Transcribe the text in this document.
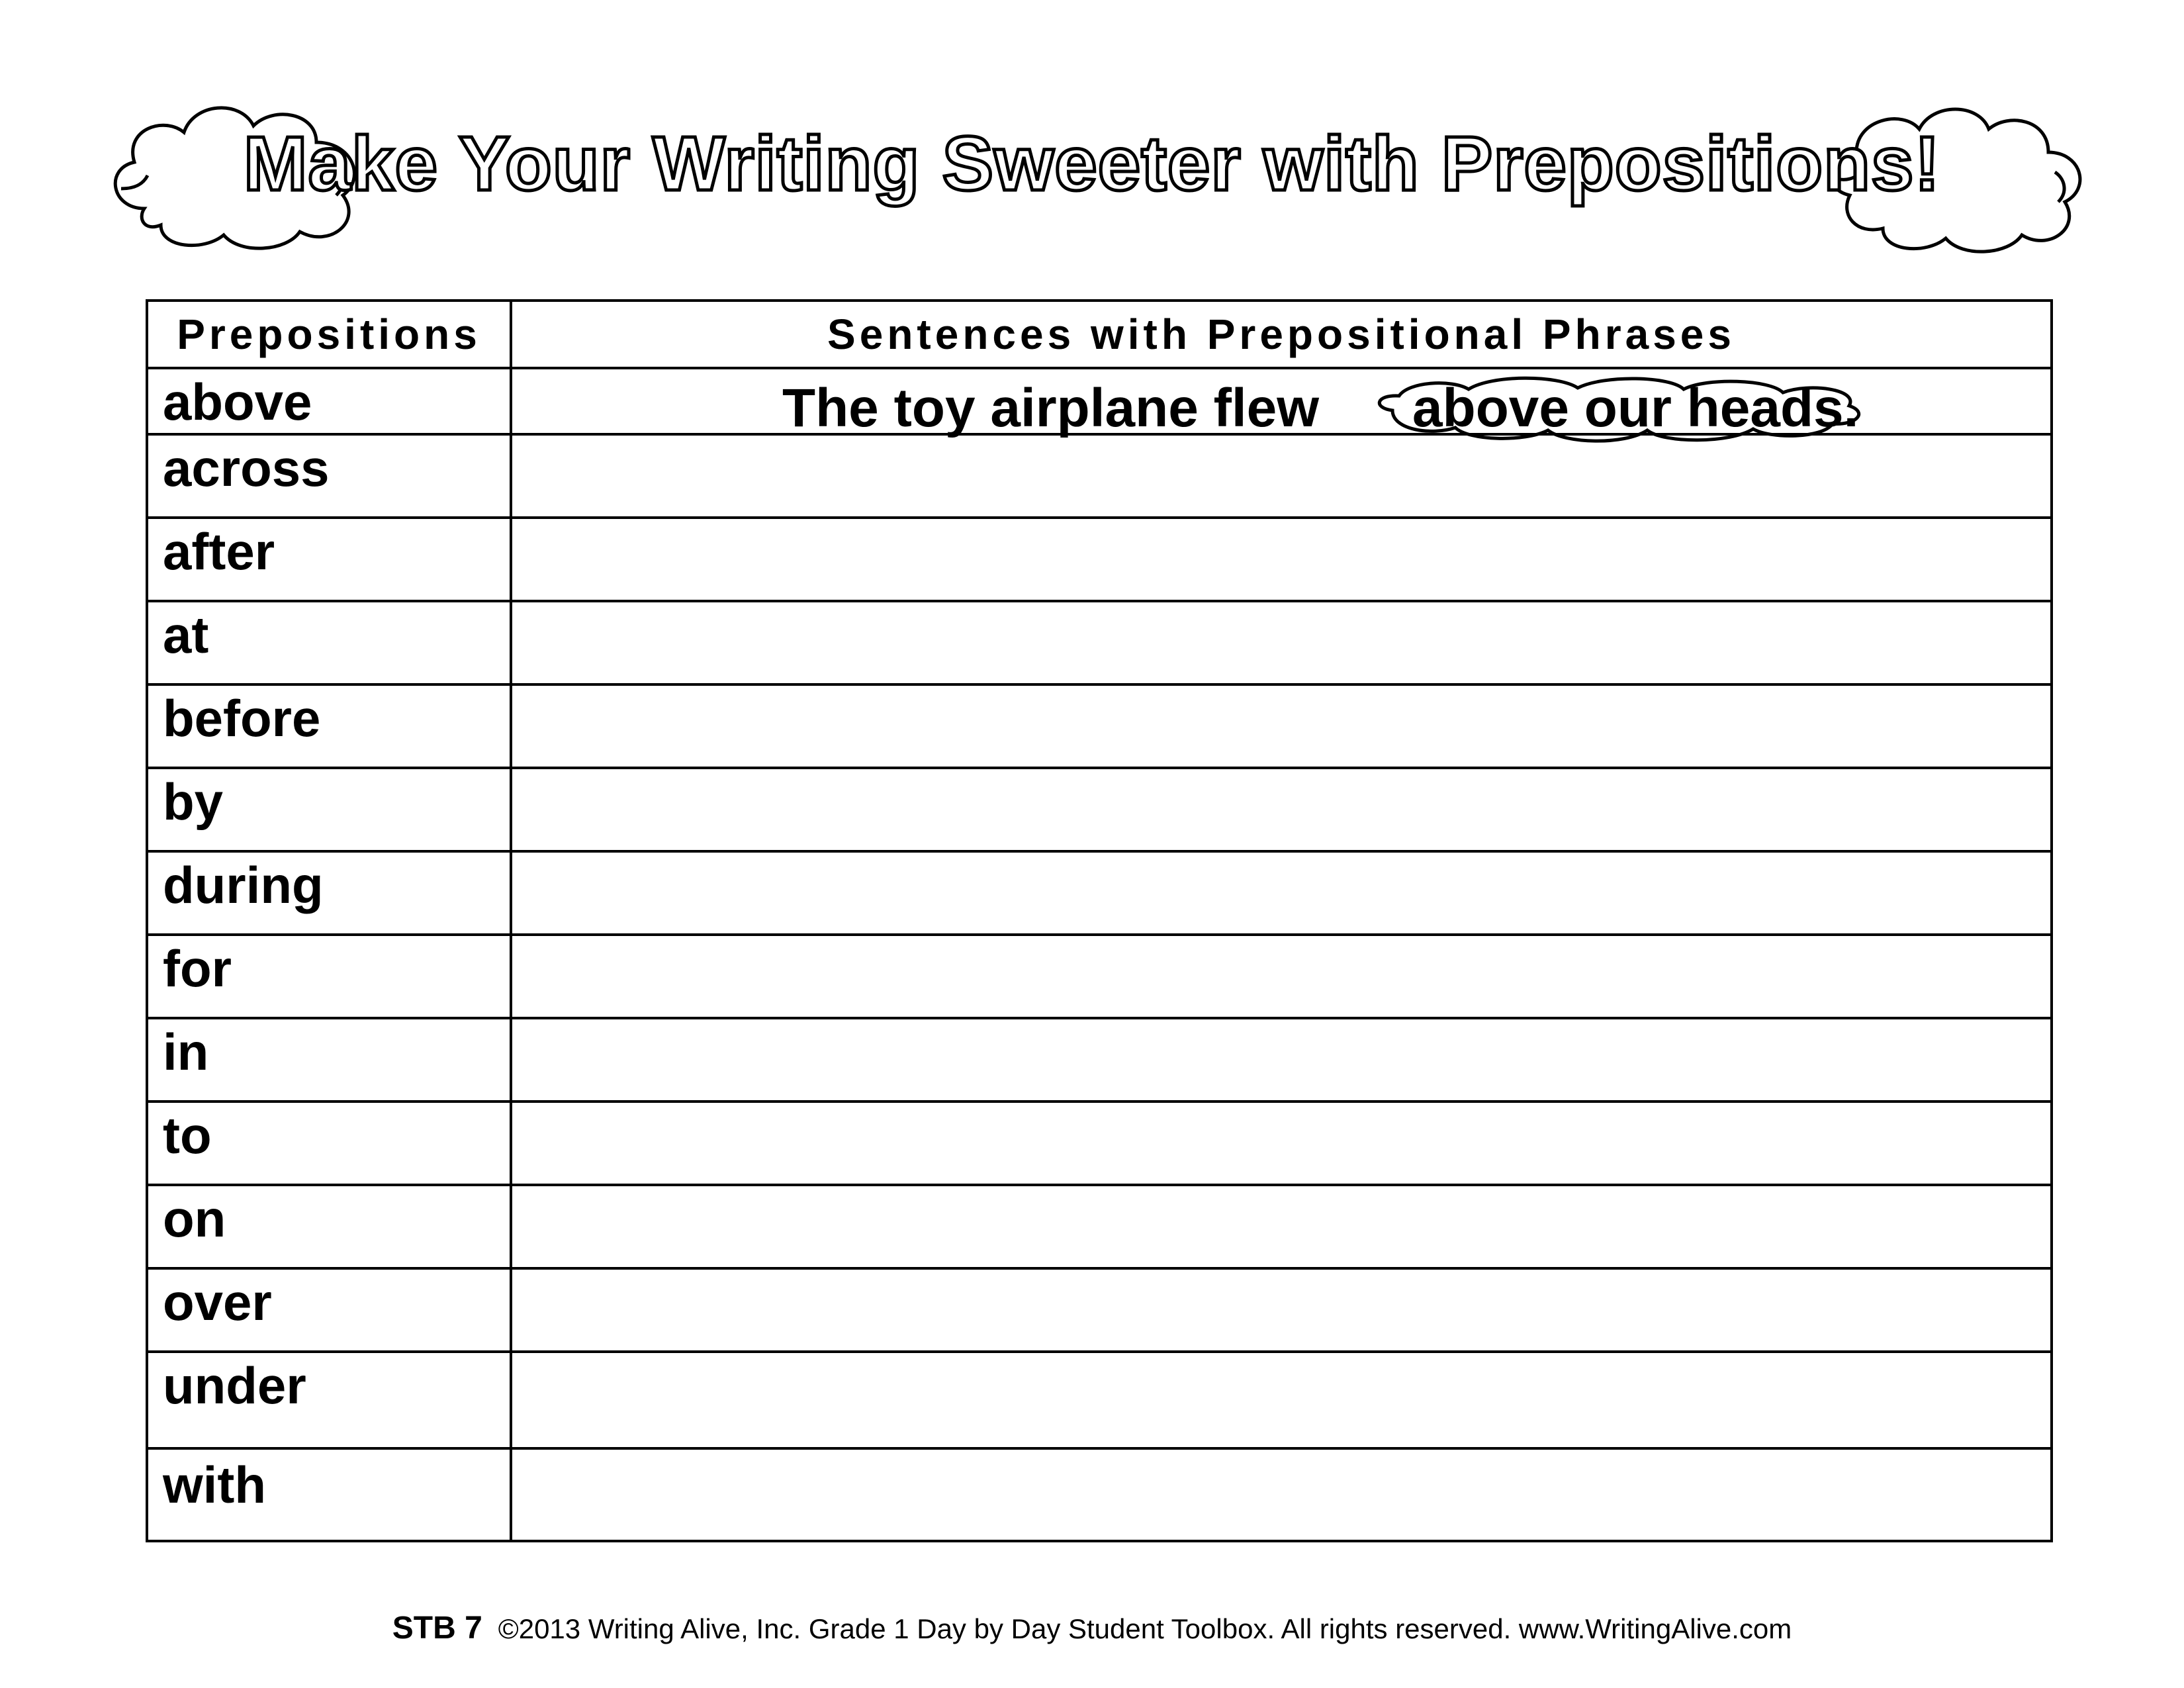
Make Your Writing Sweeter with Prepositions!
Prepositions	Sentences with Prepositional Phrases
above	The toy airplane flew above our heads.
across
after
at
before
by
during
for
in
to
on
over
under
with
STB 7 ©2013 Writing Alive, Inc. Grade 1 Day by Day Student Toolbox. All rights reserved. www.WritingAlive.com
